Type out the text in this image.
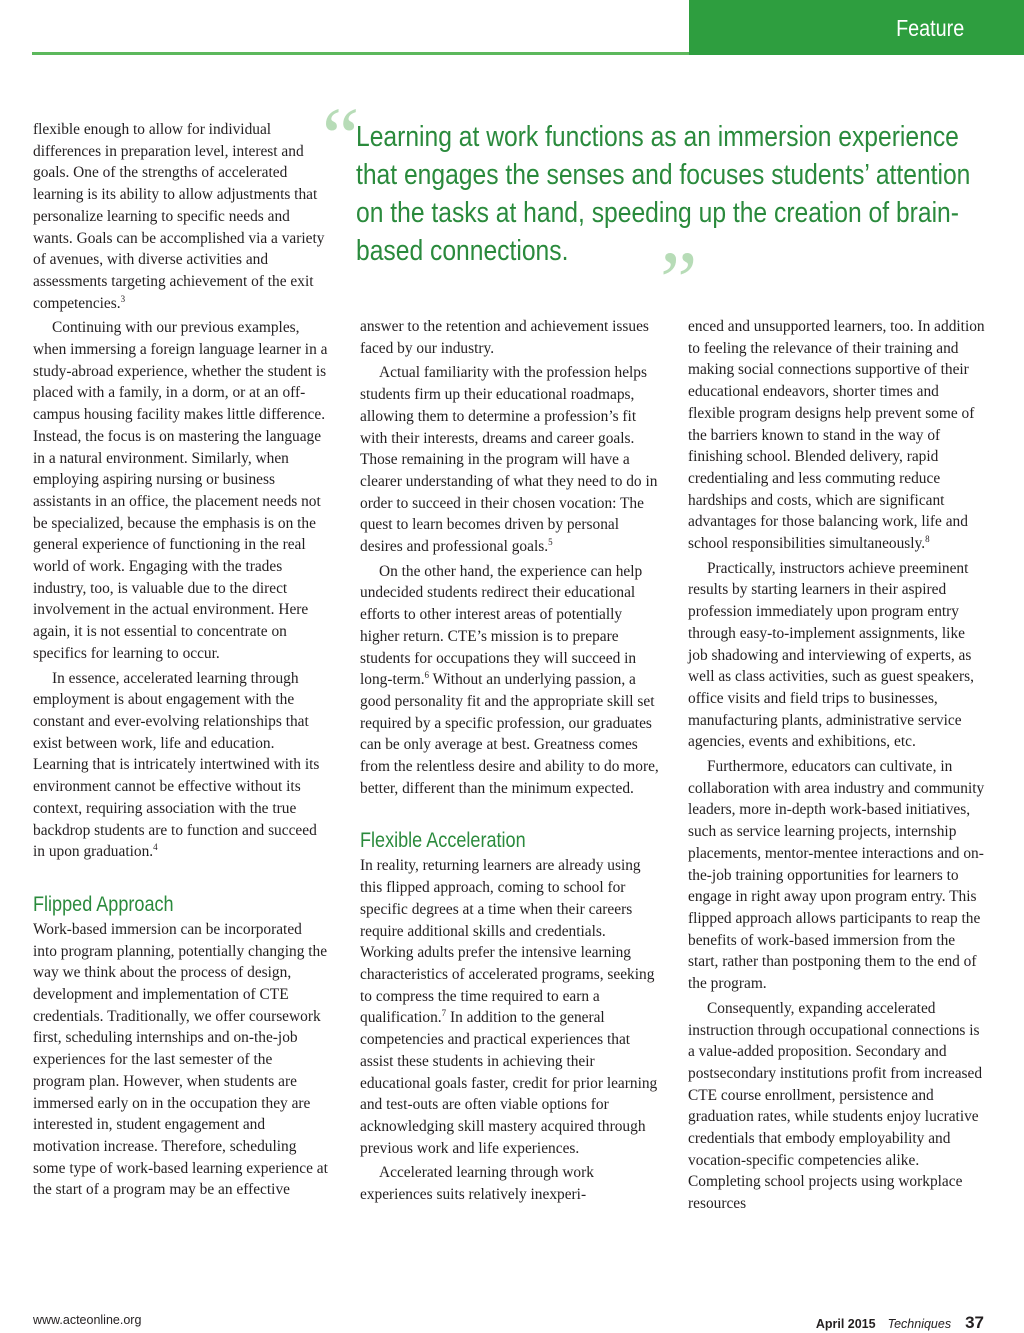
Feature
“
Learning at work functions as an immersion experience that engages the senses and focuses students’ attention on the tasks at hand, speeding up the creation of brain-based connections.	”

flexible enough to allow for individual differences in preparation level, interest and goals. One of the strengths of accelerated learning is its ability to allow adjustments that personalize learning to specific needs and wants. Goals can be accomplished via a variety of avenues, with diverse activities and assessments targeting achievement of the exit competencies.$^3$

Continuing with our previous examples, when immersing a foreign language learner in a study-abroad experience, whether the student is placed with a family, in a dorm, or at an off-campus housing facility makes little difference. Instead, the focus is on mastering the language in a natural environment. Similarly, when employing aspiring nursing or business assistants in an office, the placement needs not be specialized, because the emphasis is on the general experience of functioning in the real world of work. Engaging with the trades industry, too, is valuable due to the direct involvement in the actual environment. Here again, it is not essential to concentrate on specifics for learning to occur.

In essence, accelerated learning through employment is about engagement with the constant and ever-evolving relationships that exist between work, life and education. Learning that is intricately intertwined with its environment cannot be effective without its context, requiring association with the true backdrop students are to function and succeed in upon graduation.$^4$

Flipped Approach

Work-based immersion can be incorporated into program planning, potentially changing the way we think about the process of design, development and implementation of CTE credentials. Traditionally, we offer coursework first, scheduling internships and on-the-job experiences for the last semester of the program plan. However, when students are immersed early on in the occupation they are interested in, student engagement and motivation increase. Therefore, scheduling some type of work-based learning experience at the start of a program may be an effective

answer to the retention and achievement issues faced by our industry.

Actual familiarity with the profession helps students firm up their educational roadmaps, allowing them to determine a profession’s fit with their interests, dreams and career goals. Those remaining in the program will have a clearer understanding of what they need to do in order to succeed in their chosen vocation: The quest to learn becomes driven by personal desires and professional goals.$^5$

On the other hand, the experience can help undecided students redirect their educational efforts to other interest areas of potentially higher return. CTE’s mission is to prepare students for occupations they will succeed in long-term.$^6$ Without an underlying passion, a good personality fit and the appropriate skill set required by a specific profession, our graduates can be only average at best. Greatness comes from the relentless desire and ability to do more, better, different than the minimum expected.

Flexible Acceleration

In reality, returning learners are already using this flipped approach, coming to school for specific degrees at a time when their careers require additional skills and credentials. Working adults prefer the intensive learning characteristics of accelerated programs, seeking to compress the time required to earn a qualification.$^7$ In addition to the general competencies and practical experiences that assist these students in achieving their educational goals faster, credit for prior learning and test-outs are often viable options for acknowledging skill mastery acquired through previous work and life experiences.

Accelerated learning through work experiences suits relatively inexperi-

enced and unsupported learners, too. In addition to feeling the relevance of their training and making social connections supportive of their educational endeavors, shorter times and flexible program designs help prevent some of the barriers known to stand in the way of finishing school. Blended delivery, rapid credentialing and less commuting reduce hardships and costs, which are significant advantages for those balancing work, life and school responsibilities simultaneously.$^8$

Practically, instructors achieve preeminent results by starting learners in their aspired profession immediately upon program entry through easy-to-implement assignments, like job shadowing and interviewing of experts, as well as class activities, such as guest speakers, office visits and field trips to businesses, manufacturing plants, administrative service agencies, events and exhibitions, etc.

Furthermore, educators can cultivate, in collaboration with area industry and community leaders, more in-depth work-based initiatives, such as service learning projects, internship placements, mentor-mentee interactions and on-the-job training opportunities for learners to engage in right away upon program entry. This flipped approach allows participants to reap the benefits of work-based immersion from the start, rather than postponing them to the end of the program.

Consequently, expanding accelerated instruction through occupational connections is a value-added proposition. Secondary and postsecondary institutions profit from increased CTE course enrollment, persistence and graduation rates, while students enjoy lucrative credentials that embody employability and vocation-specific competencies alike. Completing school projects using workplace resources

www.acteonline.org	April 2015 Techniques 37
